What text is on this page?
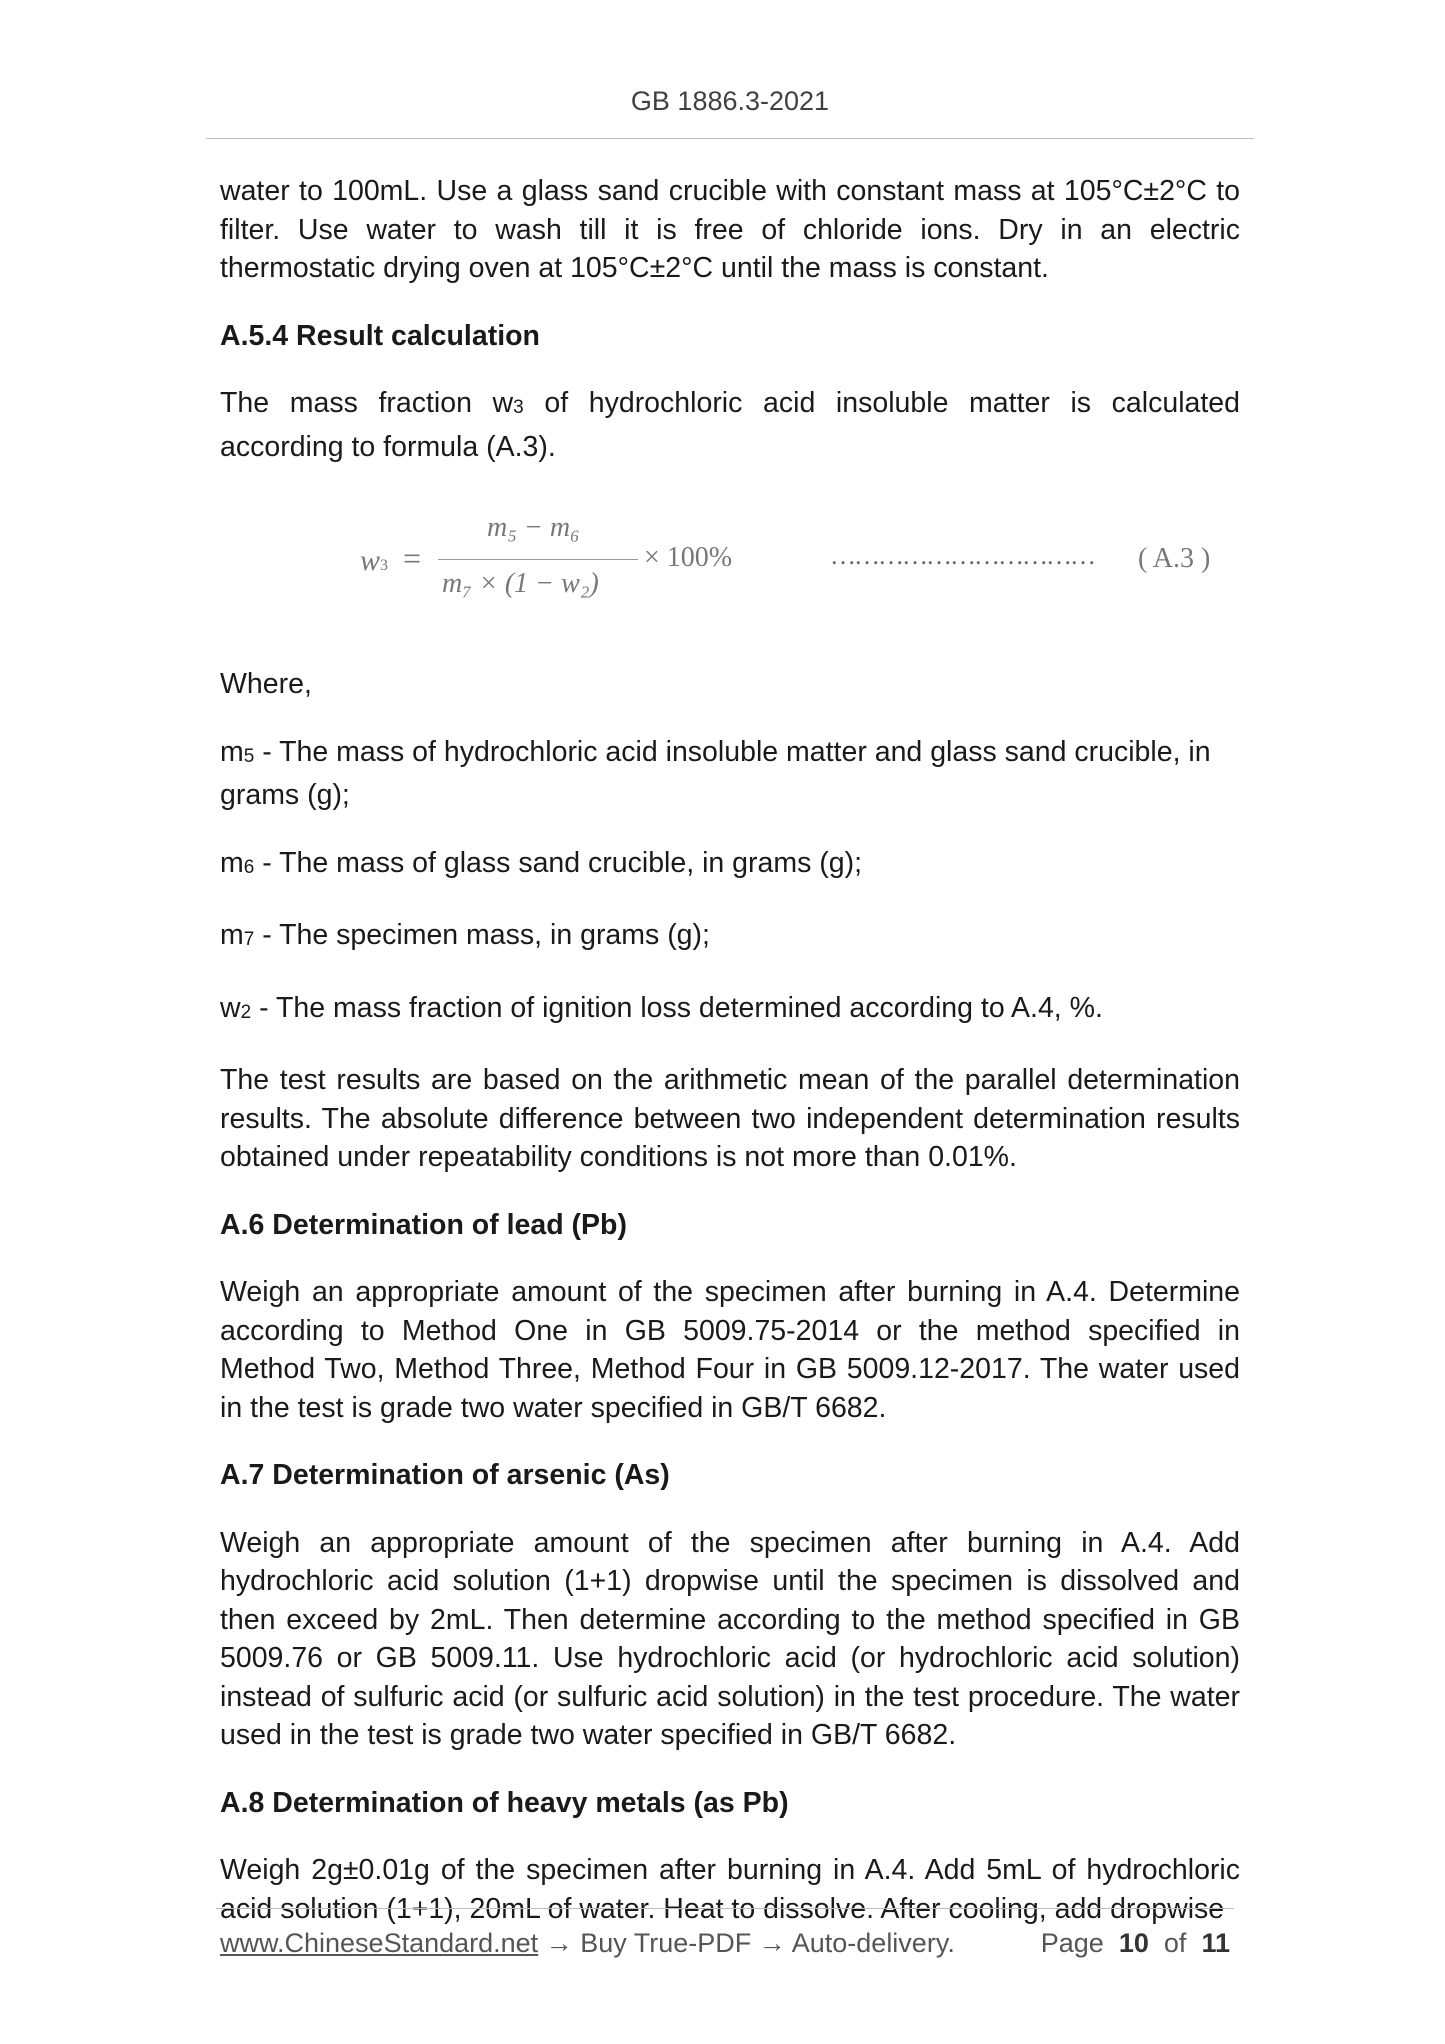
GB 1886.3-2021

water to 100mL. Use a glass sand crucible with constant mass at 105°C±2°C to filter. Use water to wash till it is free of chloride ions. Dry in an electric thermostatic drying oven at 105°C±2°C until the mass is constant.

A.5.4 Result calculation

The mass fraction w3 of hydrochloric acid insoluble matter is calculated according to formula (A.3).

w3 =
m₅ − m₆
m₇ × (1 − w₂)
× 100%	…………………………… ( A.3 )

Where,

m5 - The mass of hydrochloric acid insoluble matter and glass sand crucible, in grams (g);

m6 - The mass of glass sand crucible, in grams (g);

m7 - The specimen mass, in grams (g);

w2 - The mass fraction of ignition loss determined according to A.4, %.

The test results are based on the arithmetic mean of the parallel determination results. The absolute difference between two independent determination results obtained under repeatability conditions is not more than 0.01%.

A.6 Determination of lead (Pb)

Weigh an appropriate amount of the specimen after burning in A.4. Determine according to Method One in GB 5009.75-2014 or the method specified in Method Two, Method Three, Method Four in GB 5009.12-2017. The water used in the test is grade two water specified in GB/T 6682.

A.7 Determination of arsenic (As)

Weigh an appropriate amount of the specimen after burning in A.4. Add hydrochloric acid solution (1+1) dropwise until the specimen is dissolved and then exceed by 2mL. Then determine according to the method specified in GB 5009.76 or GB 5009.11. Use hydrochloric acid (or hydrochloric acid solution) instead of sulfuric acid (or sulfuric acid solution) in the test procedure. The water used in the test is grade two water specified in GB/T 6682.

A.8 Determination of heavy metals (as Pb)

Weigh 2g±0.01g of the specimen after burning in A.4. Add 5mL of hydrochloric acid solution (1+1), 20mL of water. Heat to dissolve. After cooling, add dropwise

www.ChineseStandard.net → Buy True-PDF → Auto-delivery.	Page 10 of 11
